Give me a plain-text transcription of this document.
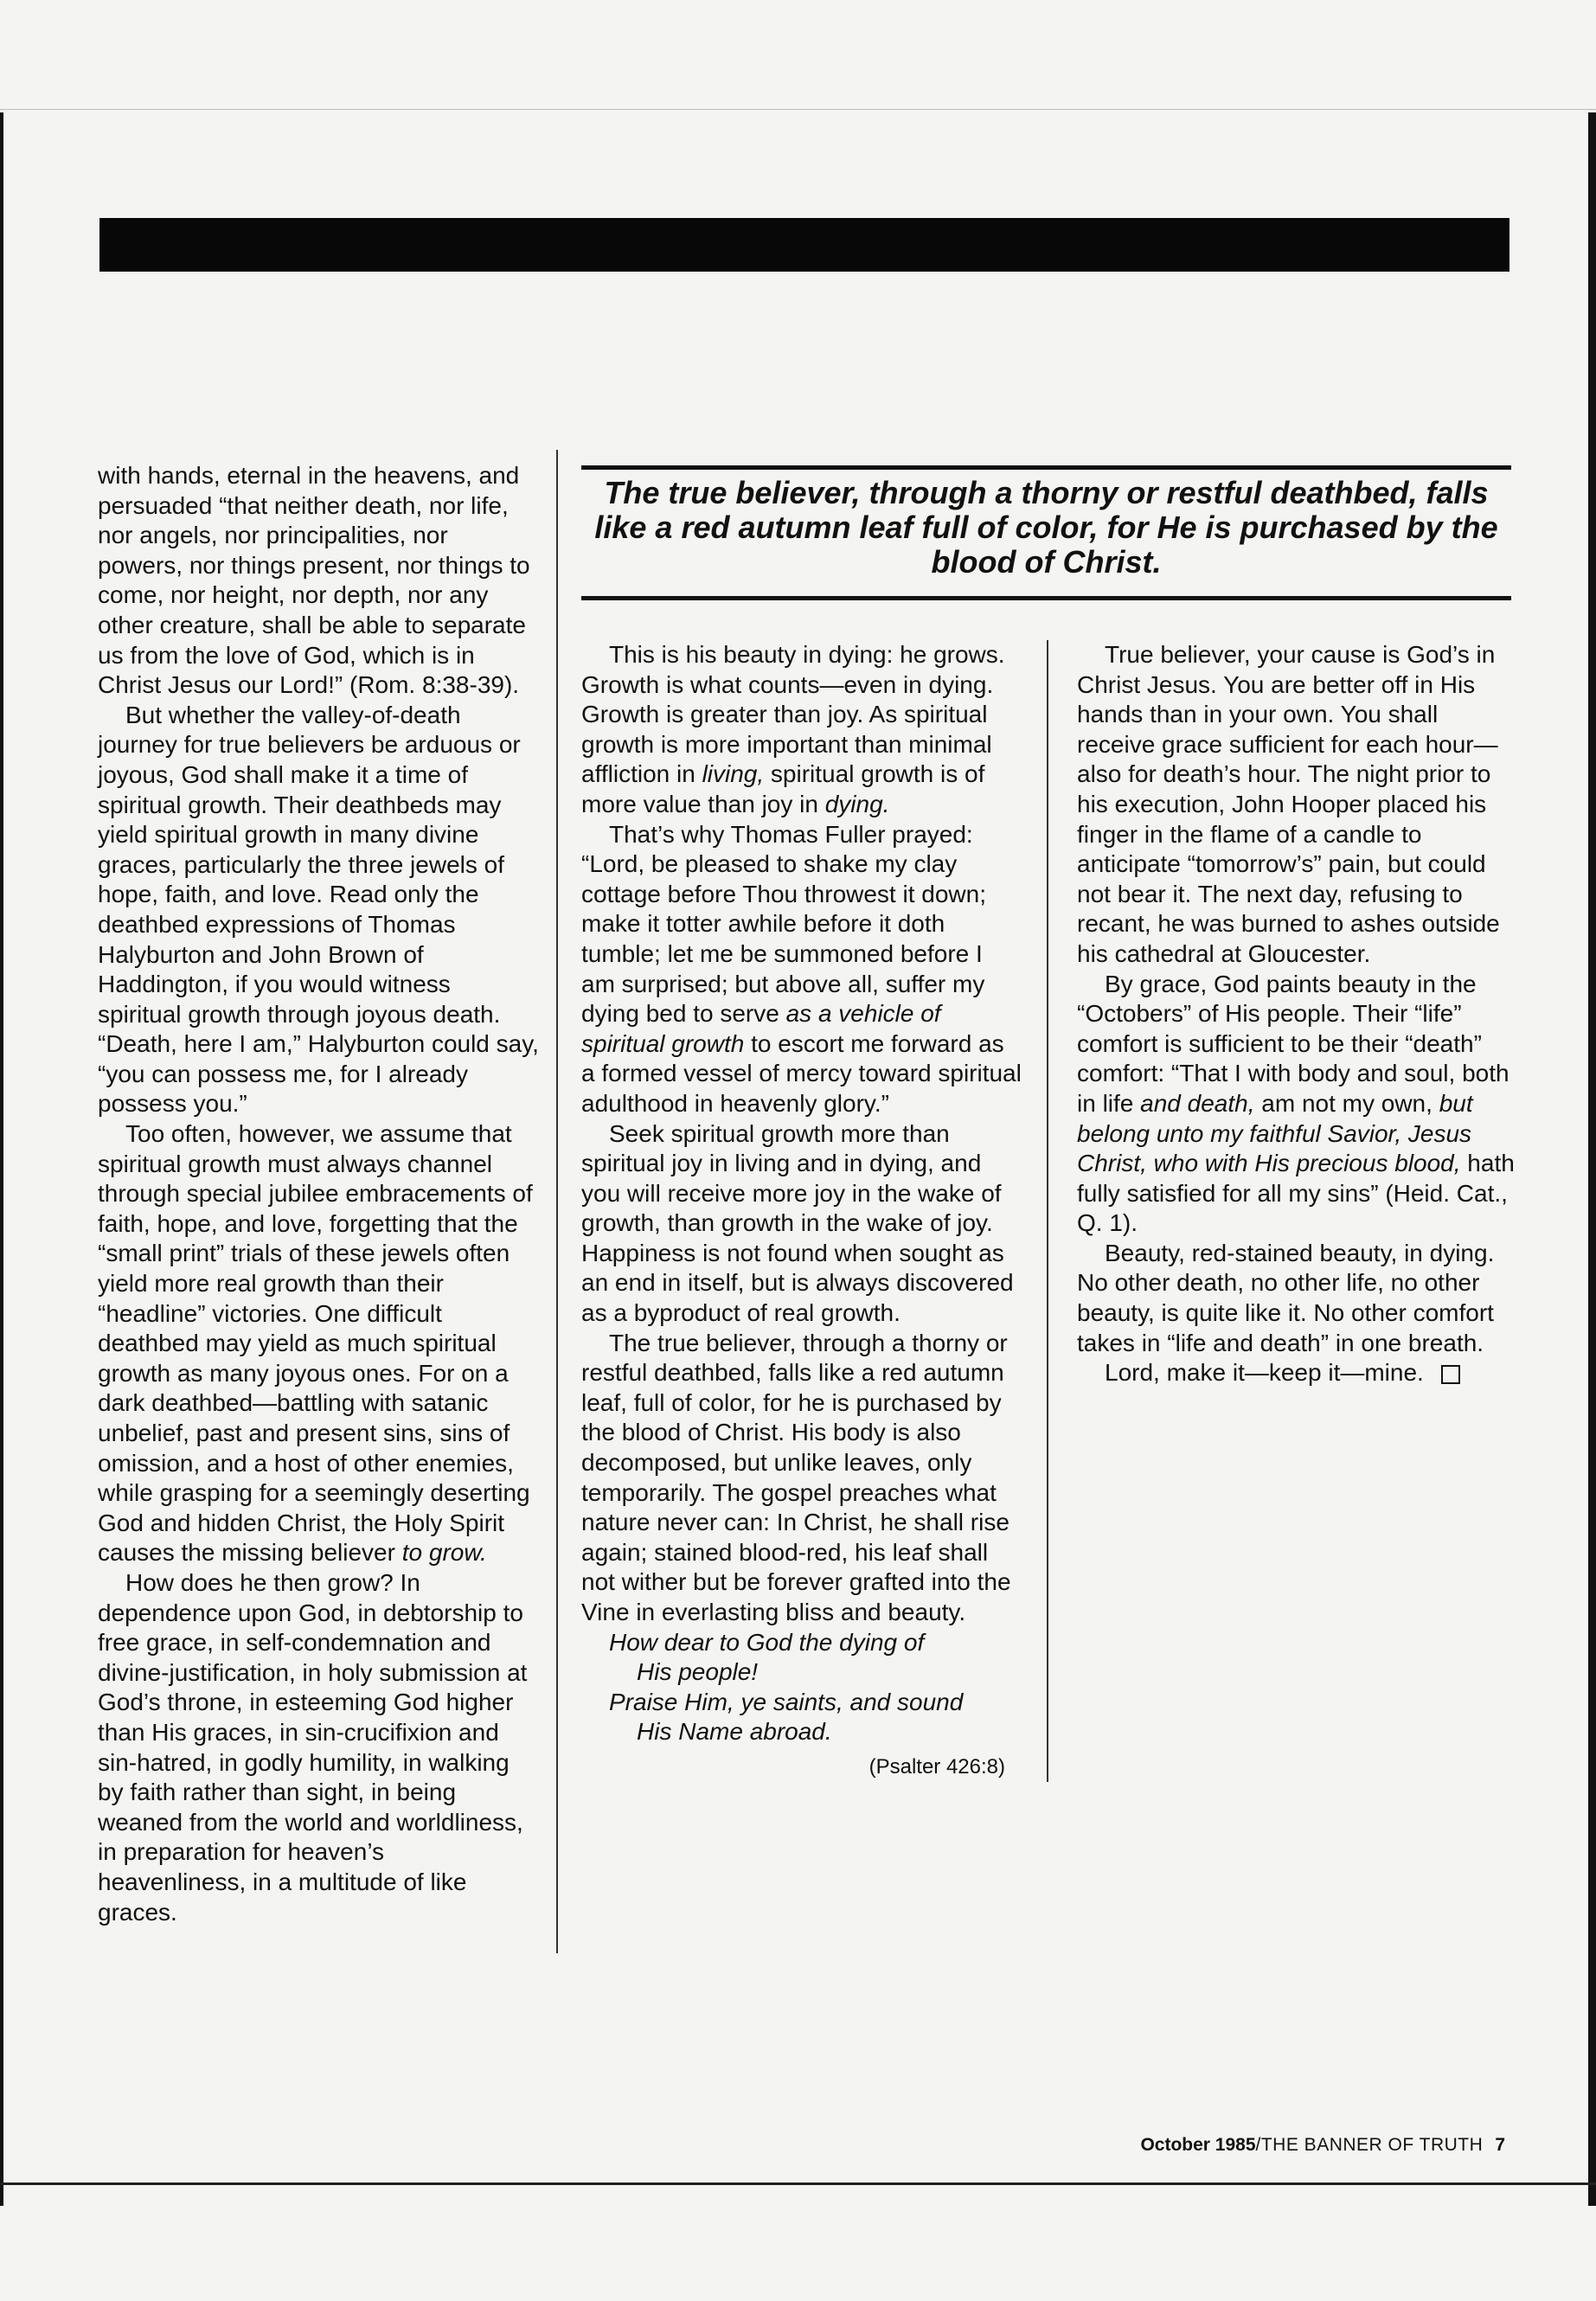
with hands, eternal in the heavens, and persuaded “that neither death, nor life, nor angels, nor principalities, nor powers, nor things present, nor things to come, nor height, nor depth, nor any other creature, shall be able to separate us from the love of God, which is in Christ Jesus our Lord!” (Rom. 8:38-39).

But whether the valley-of-death journey for true believers be arduous or joyous, God shall make it a time of spiritual growth. Their deathbeds may yield spiritual growth in many divine graces, particularly the three jewels of hope, faith, and love. Read only the deathbed expressions of Thomas Halyburton and John Brown of Haddington, if you would witness spiritual growth through joyous death. “Death, here I am,” Halyburton could say, “you can possess me, for I already possess you.”

Too often, however, we assume that spiritual growth must always channel through special jubilee embracements of faith, hope, and love, forgetting that the “small print” trials of these jewels often yield more real growth than their “headline” victories. One difficult deathbed may yield as much spiritual growth as many joyous ones. For on a dark deathbed—battling with satanic unbelief, past and present sins, sins of omission, and a host of other enemies, while grasping for a seemingly deserting God and hidden Christ, the Holy Spirit causes the missing believer to grow.

How does he then grow? In dependence upon God, in debtorship to free grace, in self-condemnation and divine-justification, in holy submission at God’s throne, in esteeming God higher than His graces, in sin-crucifixion and sin-hatred, in godly humility, in walking by faith rather than sight, in being weaned from the world and worldliness, in preparation for heaven’s heavenliness, in a multitude of like graces.

The true believer, through a thorny or restful deathbed, falls like a red autumn leaf full of color, for He is purchased by the blood of Christ.

This is his beauty in dying: he grows. Growth is what counts—even in dying. Growth is greater than joy. As spiritual growth is more important than minimal affliction in living, spiritual growth is of more value than joy in dying.

That’s why Thomas Fuller prayed: “Lord, be pleased to shake my clay cottage before Thou throwest it down; make it totter awhile before it doth tumble; let me be summoned before I am surprised; but above all, suffer my dying bed to serve as a vehicle of spiritual growth to escort me forward as a formed vessel of mercy toward spiritual adulthood in heavenly glory.”

Seek spiritual growth more than spiritual joy in living and in dying, and you will receive more joy in the wake of growth, than growth in the wake of joy. Happiness is not found when sought as an end in itself, but is always discovered as a byproduct of real growth.

The true believer, through a thorny or restful deathbed, falls like a red autumn leaf, full of color, for he is purchased by the blood of Christ. His body is also decomposed, but unlike leaves, only temporarily. The gospel preaches what nature never can: In Christ, he shall rise again; stained blood-red, his leaf shall not wither but be forever grafted into the Vine in everlasting bliss and beauty.

How dear to God the dying of
His people!
Praise Him, ye saints, and sound
His Name abroad.

(Psalter 426:8)

True believer, your cause is God’s in Christ Jesus. You are better off in His hands than in your own. You shall receive grace sufficient for each hour—also for death’s hour. The night prior to his execution, John Hooper placed his finger in the flame of a candle to anticipate “tomorrow’s” pain, but could not bear it. The next day, refusing to recant, he was burned to ashes outside his cathedral at Gloucester.

By grace, God paints beauty in the “Octobers” of His people. Their “life” comfort is sufficient to be their “death” comfort: “That I with body and soul, both in life and death, am not my own, but belong unto my faithful Savior, Jesus Christ, who with His precious blood, hath fully satisfied for all my sins” (Heid. Cat., Q. 1).

Beauty, red-stained beauty, in dying. No other death, no other life, no other beauty, is quite like it. No other comfort takes in “life and death” in one breath.

Lord, make it—keep it—mine.

October 1985/THE BANNER OF TRUTH 7
